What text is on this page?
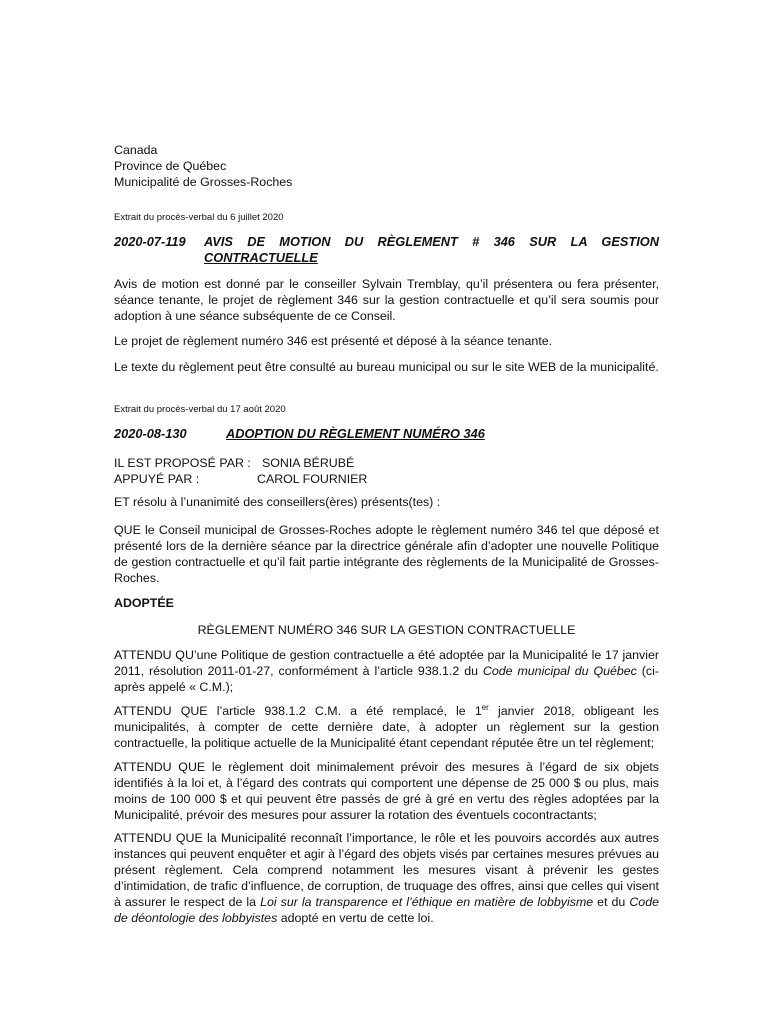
Canada
Province de Québec
Municipalité de Grosses-Roches
Extrait du procès-verbal du 6 juillet 2020
2020-07-119 AVIS DE MOTION DU RÈGLEMENT # 346 SUR LA GESTION
CONTRACTUELLE

Avis de motion est donné par le conseiller Sylvain Tremblay, qu’il présentera ou fera présenter, séance tenante, le projet de règlement 346 sur la gestion contractuelle et qu’il sera soumis pour adoption à une séance subséquente de ce Conseil.

Le projet de règlement numéro 346 est présenté et déposé à la séance tenante.

Le texte du règlement peut être consulté au bureau municipal ou sur le site WEB de la municipalité.

Extrait du procès-verbal du 17 août 2020
2020-08-130	ADOPTION DU RÈGLEMENT NUMÉRO 346
IL EST PROPOSÉ PAR : SONIA BÉRUBÉ
APPUYÉ PAR :	CAROL FOURNIER

ET résolu à l’unanimité des conseillers(ères) présents(tes) :

QUE le Conseil municipal de Grosses-Roches adopte le règlement numéro 346 tel que déposé et présenté lors de la dernière séance par la directrice générale afin d’adopter une nouvelle Politique de gestion contractuelle et qu’il fait partie intégrante des règlements de la Municipalité de Grosses-Roches.

ADOPTÉE

RÈGLEMENT NUMÉRO 346 SUR LA GESTION CONTRACTUELLE

ATTENDU QU’une Politique de gestion contractuelle a été adoptée par la Municipalité le 17 janvier 2011, résolution 2011-01-27, conformément à l’article 938.1.2 du Code municipal du Québec (ci-après appelé « C.M.);

ATTENDU QUE l’article 938.1.2 C.M. a été remplacé, le 1er janvier 2018, obligeant les municipalités, à compter de cette dernière date, à adopter un règlement sur la gestion contractuelle, la politique actuelle de la Municipalité étant cependant réputée être un tel règlement;

ATTENDU QUE le règlement doit minimalement prévoir des mesures à l’égard de six objets identifiés à la loi et, à l’égard des contrats qui comportent une dépense de 25 000 $ ou plus, mais moins de 100 000 $ et qui peuvent être passés de gré à gré en vertu des règles adoptées par la Municipalité, prévoir des mesures pour assurer la rotation des éventuels cocontractants;

ATTENDU QUE la Municipalité reconnaît l’importance, le rôle et les pouvoirs accordés aux autres instances qui peuvent enquêter et agir à l’égard des objets visés par certaines mesures prévues au présent règlement. Cela comprend notamment les mesures visant à prévenir les gestes d’intimidation, de trafic d’influence, de corruption, de truquage des offres, ainsi que celles qui visent à assurer le respect de la Loi sur la transparence et l’éthique en matière de lobbyisme et du Code de déontologie des lobbyistes adopté en vertu de cette loi.
